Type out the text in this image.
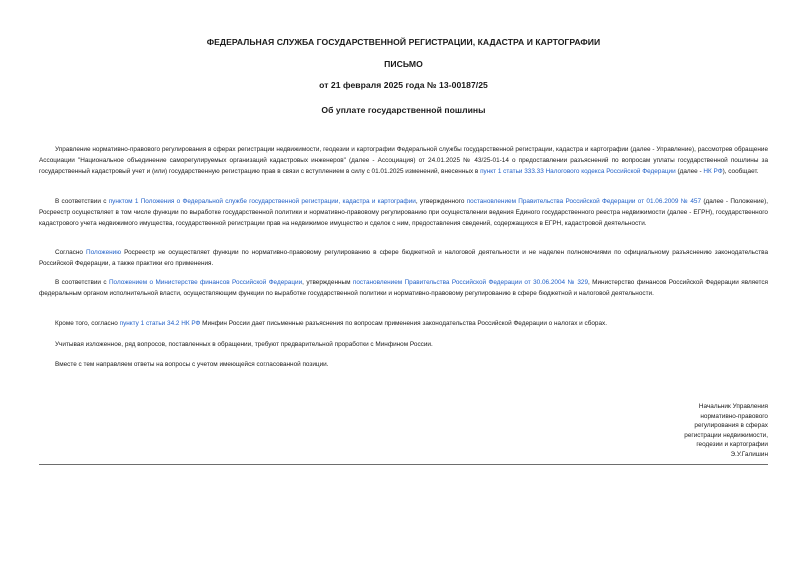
ФЕДЕРАЛЬНАЯ СЛУЖБА ГОСУДАРСТВЕННОЙ РЕГИСТРАЦИИ, КАДАСТРА И КАРТОГРАФИИ
ПИСЬМО
от 21 февраля 2025 года № 13-00187/25
Об уплате государственной пошлины

Управление нормативно-правового регулирования в сферах регистрации недвижимости, геодезии и картографии Федеральной службы государственной регистрации, кадастра и картографии (далее - Управление), рассмотрев обращение Ассоциации "Национальное объединение саморегулируемых организаций кадастровых инженеров" (далее - Ассоциация) от 24.01.2025 № 43/25-01-14 о предоставлении разъяснений по вопросам уплаты государственной пошлины за государственный кадастровый учет и (или) государственную регистрацию прав в связи с вступлением в силу с 01.01.2025 изменений, внесенных в пункт 1 статьи 333.33 Налогового кодекса Российской Федерации (далее - НК РФ), сообщает.

В соответствии с пунктом 1 Положения о Федеральной службе государственной регистрации, кадастра и картографии, утвержденного постановлением Правительства Российской Федерации от 01.06.2009 № 457 (далее - Положение), Росреестр осуществляет в том числе функции по выработке государственной политики и нормативно-правовому регулированию при осуществлении ведения Единого государственного реестра недвижимости (далее - ЕГРН), государственного кадастрового учета недвижимого имущества, государственной регистрации прав на недвижимое имущество и сделок с ним, предоставления сведений, содержащихся в ЕГРН, кадастровой деятельности.

Согласно Положению Росреестр не осуществляет функции по нормативно-правовому регулированию в сфере бюджетной и налоговой деятельности и не наделен полномочиями по официальному разъяснению законодательства Российской Федерации, а также практики его применения.

В соответствии с Положением о Министерстве финансов Российской Федерации, утвержденным постановлением Правительства Российской Федерации от 30.06.2004 № 329, Министерство финансов Российской Федерации является федеральным органом исполнительной власти, осуществляющим функции по выработке государственной политики и нормативно-правовому регулированию в сфере бюджетной и налоговой деятельности.

Кроме того, согласно пункту 1 статьи 34.2 НК РФ Минфин России дает письменные разъяснения по вопросам применения законодательства Российской Федерации о налогах и сборах.

Учитывая изложенное, ряд вопросов, поставленных в обращении, требуют предварительной проработки с Минфином России.

Вместе с тем направляем ответы на вопросы с учетом имеющейся согласованной позиции.

Начальник Управления
нормативно-правового
регулирования в сферах
регистрации недвижимости,
геодезии и картографии
Э.У.Галишин
